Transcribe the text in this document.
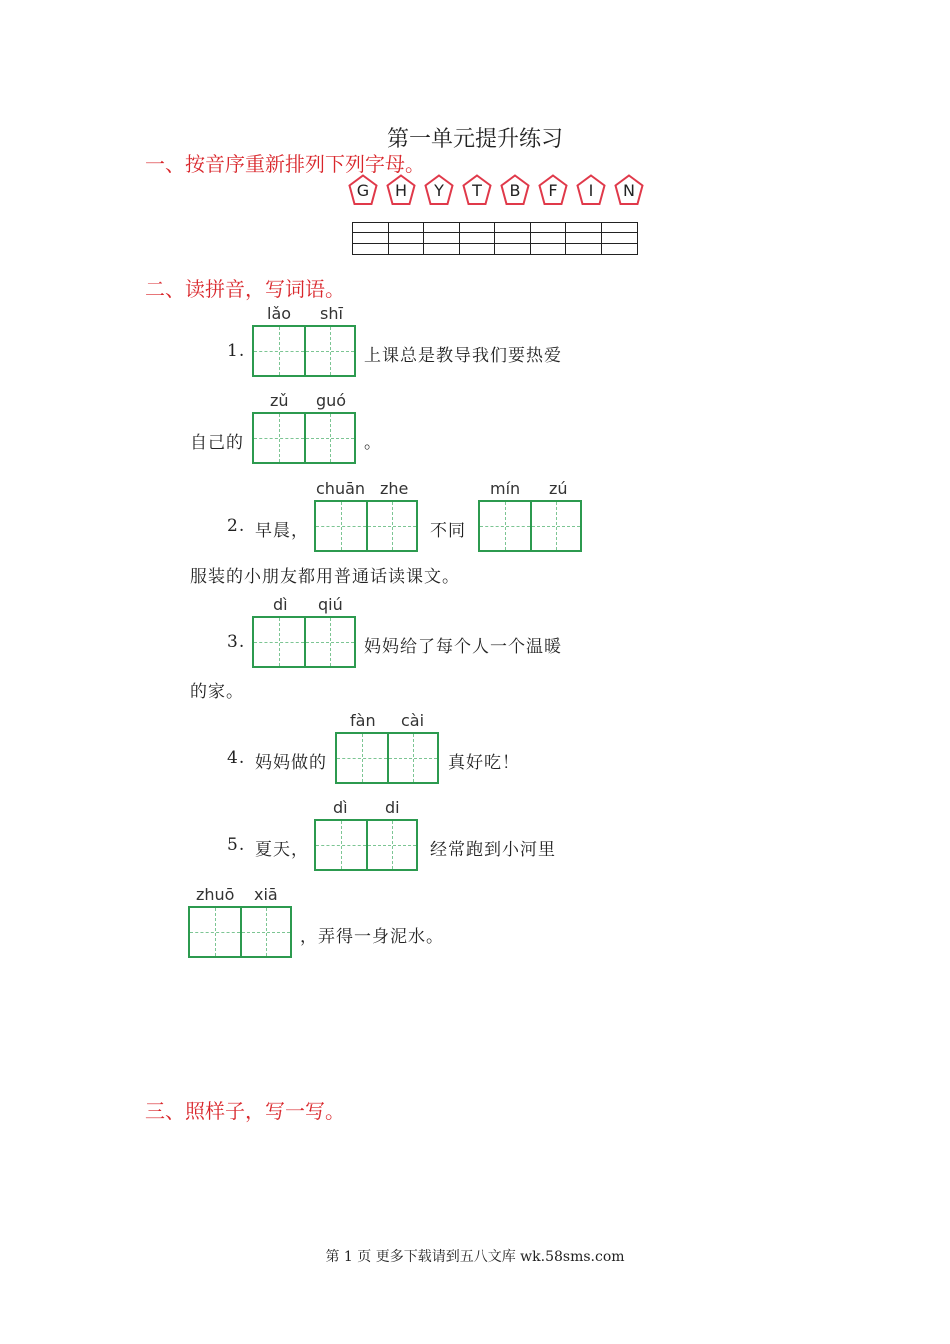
第一单元提升练习
一、按音序重新排列下列字母。
G	H	Y	T	B	F	I	N
二、读拼音，写词语。
lǎo shī
1.	上课总是教导我们要热爱
zǔ guó
自己的	。
chuān zhe	mín zú
2. 早晨，	不同
服装的小朋友都用普通话读课文。
dì qiú
3.	妈妈给了每个人一个温暖
的家。
fàn cài
4. 妈妈做的	真好吃！
dì di
5. 夏天，	经常跑到小河里
zhuō xiā
，弄得一身泥水。
三、照样子，写一写。
第 1 页 更多下载请到五八文库 wk.58sms.com
